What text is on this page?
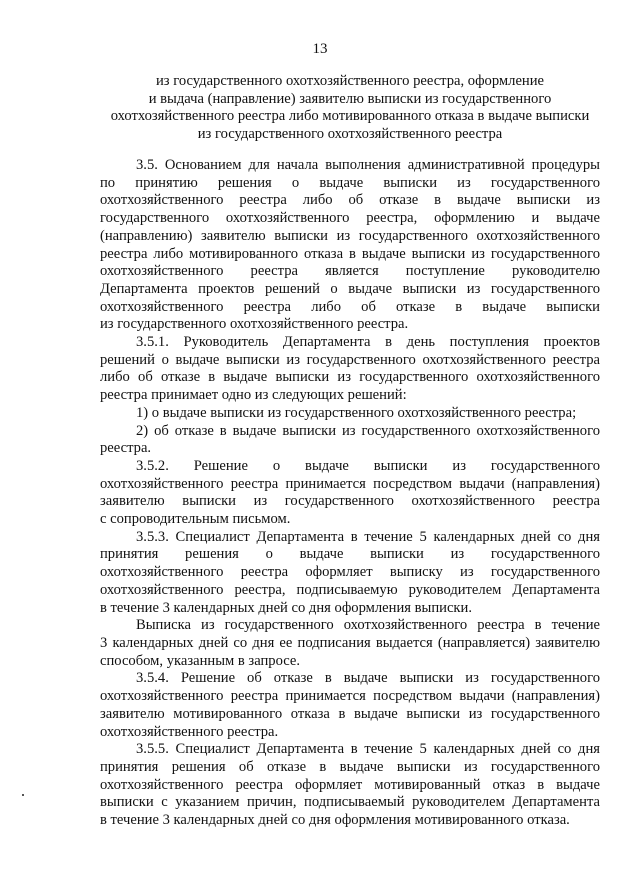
13
из государственного охотхозяйственного реестра, оформление
и выдача (направление) заявителю выписки из государственного
охотхозяйственного реестра либо мотивированного отказа в выдаче выписки
из государственного охотхозяйственного реестра

3.5. Основанием для начала выполнения административной процедуры
по принятию решения о выдаче выписки из государственного
охотхозяйственного реестра либо об отказе в выдаче выписки из
государственного охотхозяйственного реестра, оформлению и выдаче
(направлению) заявителю выписки из государственного охотхозяйственного
реестра либо мотивированного отказа в выдаче выписки из государственного
охотхозяйственного реестра является поступление руководителю
Департамента проектов решений о выдаче выписки из государственного
охотхозяйственного реестра либо об отказе в выдаче выписки
из государственного охотхозяйственного реестра.

3.5.1. Руководитель Департамента в день поступления проектов
решений о выдаче выписки из государственного охотхозяйственного реестра
либо об отказе в выдаче выписки из государственного охотхозяйственного
реестра принимает одно из следующих решений:

1) о выдаче выписки из государственного охотхозяйственного реестра;

2) об отказе в выдаче выписки из государственного охотхозяйственного
реестра.

3.5.2. Решение о выдаче выписки из государственного
охотхозяйственного реестра принимается посредством выдачи (направления)
заявителю выписки из государственного охотхозяйственного реестра
с сопроводительным письмом.

3.5.3. Специалист Департамента в течение 5 календарных дней со дня
принятия решения о выдаче выписки из государственного
охотхозяйственного реестра оформляет выписку из государственного
охотхозяйственного реестра, подписываемую руководителем Департамента
в течение 3 календарных дней со дня оформления выписки.

Выписка из государственного охотхозяйственного реестра в течение
3 календарных дней со дня ее подписания выдается (направляется) заявителю
способом, указанным в запросе.

3.5.4. Решение об отказе в выдаче выписки из государственного
охотхозяйственного реестра принимается посредством выдачи (направления)
заявителю мотивированного отказа в выдаче выписки из государственного
охотхозяйственного реестра.

3.5.5. Специалист Департамента в течение 5 календарных дней со дня
принятия решения об отказе в выдаче выписки из государственного
охотхозяйственного реестра оформляет мотивированный отказ в выдаче
выписки с указанием причин, подписываемый руководителем Департамента
в течение 3 календарных дней со дня оформления мотивированного отказа.
